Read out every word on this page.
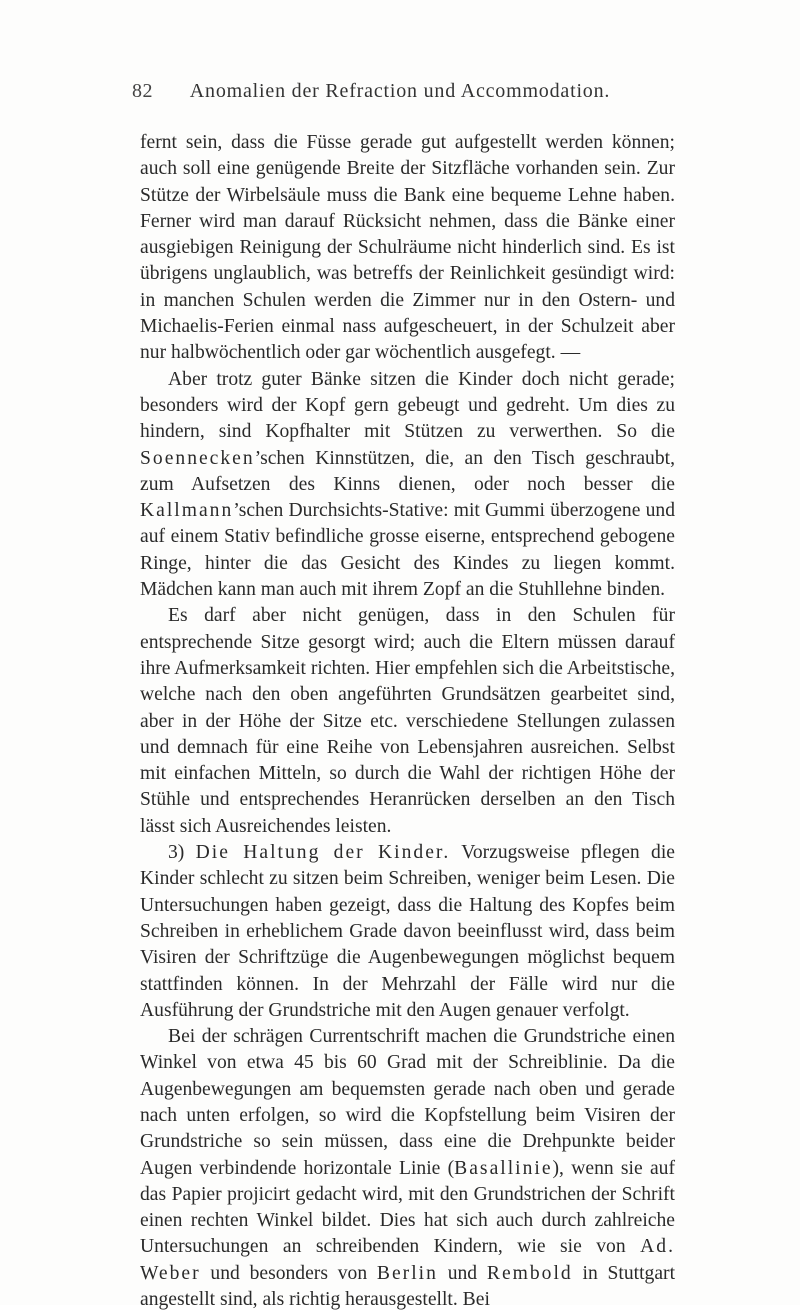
82	Anomalien der Refraction und Accommodation.

fernt sein, dass die Füsse gerade gut aufgestellt werden können; auch soll eine genügende Breite der Sitzfläche vorhanden sein. Zur Stütze der Wirbelsäule muss die Bank eine bequeme Lehne haben. Ferner wird man darauf Rücksicht nehmen, dass die Bänke einer ausgiebigen Reinigung der Schulräume nicht hinderlich sind. Es ist übrigens unglaublich, was betreffs der Reinlichkeit gesündigt wird: in manchen Schulen werden die Zimmer nur in den Ostern- und Michaelis-Ferien einmal nass aufgescheuert, in der Schulzeit aber nur halbwöchentlich oder gar wöchentlich ausgefegt. —

Aber trotz guter Bänke sitzen die Kinder doch nicht gerade; besonders wird der Kopf gern gebeugt und gedreht. Um dies zu hindern, sind Kopfhalter mit Stützen zu verwerthen. So die Soennecken’schen Kinnstützen, die, an den Tisch geschraubt, zum Aufsetzen des Kinns dienen, oder noch besser die Kallmann’schen Durchsichts-Stative: mit Gummi überzogene und auf einem Stativ befindliche grosse eiserne, entsprechend gebogene Ringe, hinter die das Gesicht des Kindes zu liegen kommt. Mädchen kann man auch mit ihrem Zopf an die Stuhllehne binden.

Es darf aber nicht genügen, dass in den Schulen für entsprechende Sitze gesorgt wird; auch die Eltern müssen darauf ihre Aufmerksamkeit richten. Hier empfehlen sich die Arbeitstische, welche nach den oben angeführten Grundsätzen gearbeitet sind, aber in der Höhe der Sitze etc. verschiedene Stellungen zulassen und demnach für eine Reihe von Lebensjahren ausreichen. Selbst mit einfachen Mitteln, so durch die Wahl der richtigen Höhe der Stühle und entsprechendes Heranrücken derselben an den Tisch lässt sich Ausreichendes leisten.

3) Die Haltung der Kinder. Vorzugsweise pflegen die Kinder schlecht zu sitzen beim Schreiben, weniger beim Lesen. Die Untersuchungen haben gezeigt, dass die Haltung des Kopfes beim Schreiben in erheblichem Grade davon beeinflusst wird, dass beim Visiren der Schriftzüge die Augenbewegungen möglichst bequem stattfinden können. In der Mehrzahl der Fälle wird nur die Ausführung der Grundstriche mit den Augen genauer verfolgt.

Bei der schrägen Currentschrift machen die Grundstriche einen Winkel von etwa 45 bis 60 Grad mit der Schreiblinie. Da die Augenbewegungen am bequemsten gerade nach oben und gerade nach unten erfolgen, so wird die Kopfstellung beim Visiren der Grundstriche so sein müssen, dass eine die Drehpunkte beider Augen verbindende horizontale Linie (Basallinie), wenn sie auf das Papier projicirt gedacht wird, mit den Grundstrichen der Schrift einen rechten Winkel bildet. Dies hat sich auch durch zahlreiche Untersuchungen an schreibenden Kindern, wie sie von Ad. Weber und besonders von Berlin und Rembold in Stuttgart angestellt sind, als richtig herausgestellt. Bei
